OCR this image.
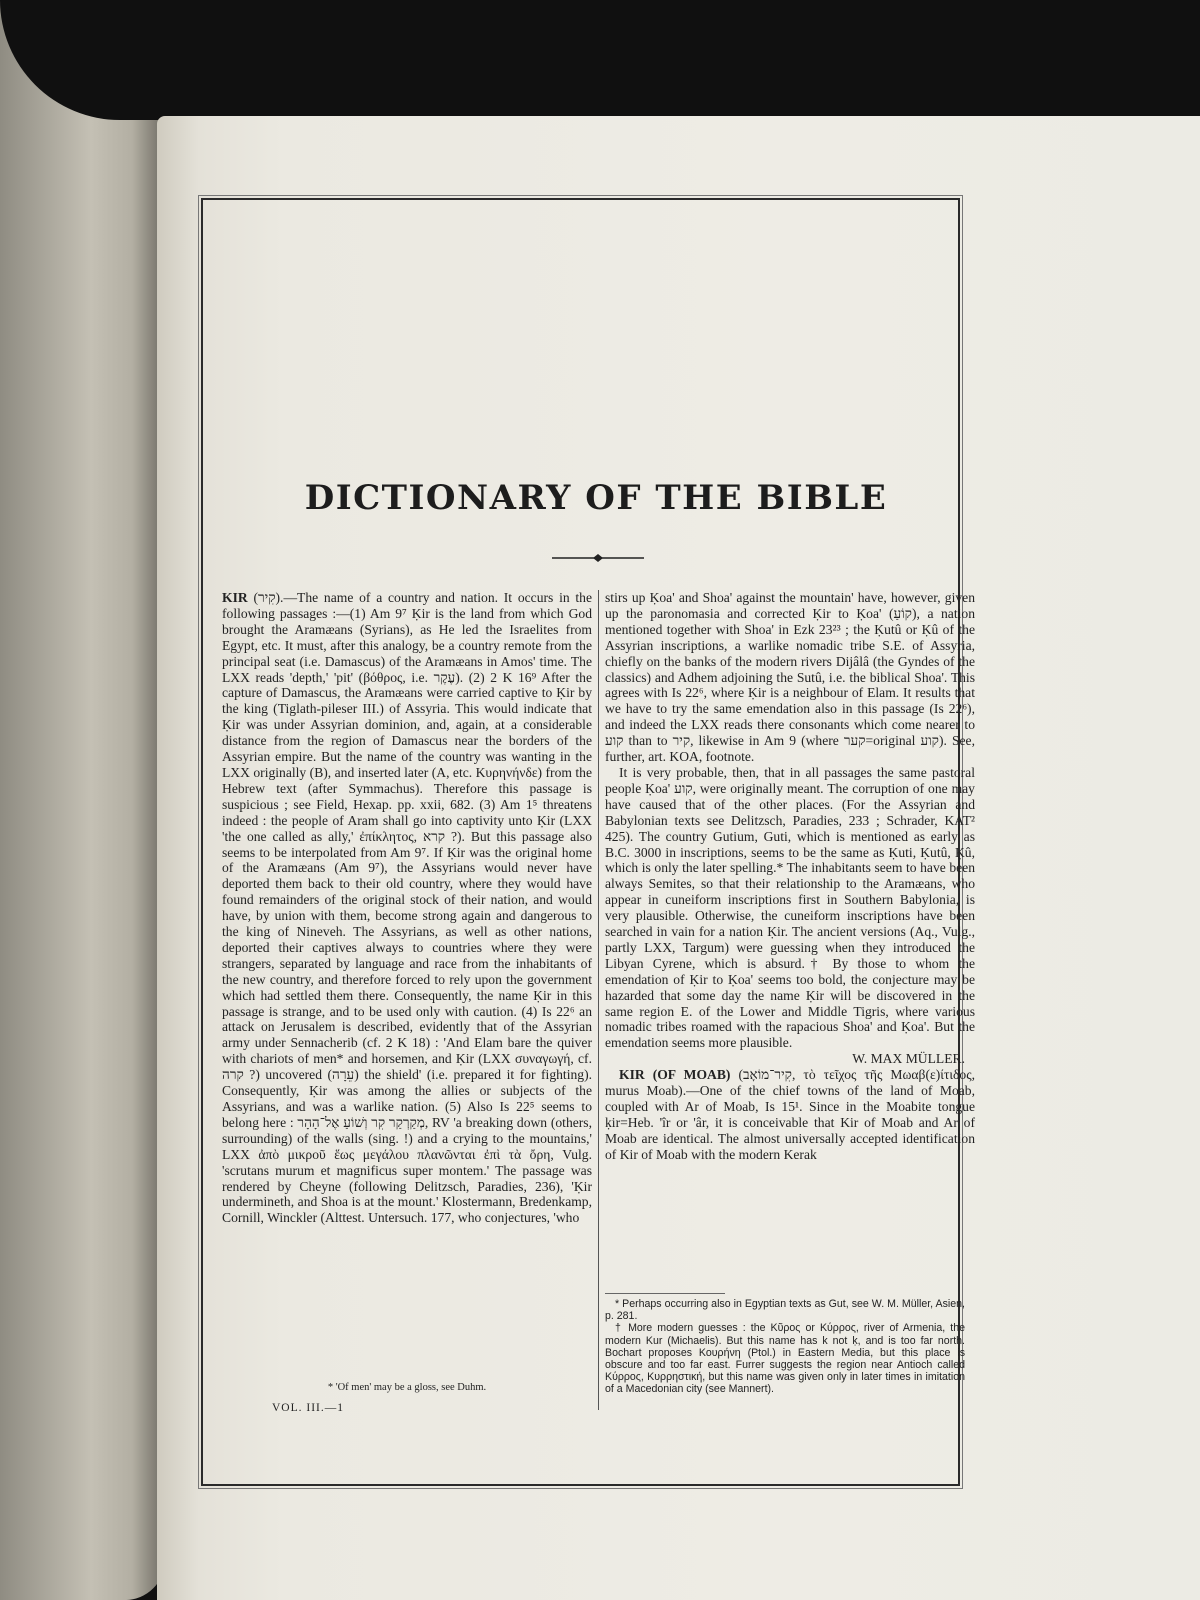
DICTIONARY OF THE BIBLE

KIR (קִיר).—The name of a country and nation. It occurs in the following passages :—(1) Am 9⁷ Ḳir is the land from which God brought the Aramæans (Syrians), as He led the Israelites from Egypt, etc. It must, after this analogy, be a country remote from the principal seat (i.e. Damascus) of the Aramæans in Amos' time. The LXX reads 'depth,' 'pit' (βόθρος, i.e. עֶקֶר). (2) 2 K 16⁹ After the capture of Damascus, the Aramæans were carried captive to Ḳir by the king (Tiglath-pileser III.) of Assyria. This would indicate that Ḳir was under Assyrian dominion, and, again, at a considerable distance from the region of Damascus near the borders of the Assyrian empire. But the name of the country was wanting in the LXX originally (B), and inserted later (A, etc. Κυρηνήνδε) from the Hebrew text (after Symmachus). Therefore this passage is suspicious ; see Field, Hexap. pp. xxii, 682. (3) Am 1⁵ threatens indeed : the people of Aram shall go into captivity unto Ḳir (LXX 'the one called as ally,' ἐπίκλητος, קרא ?). But this passage also seems to be interpolated from Am 9⁷. If Ḳir was the original home of the Aramæans (Am 9⁷), the Assyrians would never have deported them back to their old country, where they would have found remainders of the original stock of their nation, and would have, by union with them, become strong again and dangerous to the king of Nineveh. The Assyrians, as well as other nations, deported their captives always to countries where they were strangers, separated by language and race from the inhabitants of the new country, and therefore forced to rely upon the government which had settled them there. Consequently, the name Ḳir in this passage is strange, and to be used only with caution. (4) Is 22⁶ an attack on Jerusalem is described, evidently that of the Assyrian army under Sennacherib (cf. 2 K 18) : 'And Elam bare the quiver with chariots of men* and horsemen, and Ḳir (LXX συναγωγή, cf. קרה ?) uncovered (עֵרָה) the shield' (i.e. prepared it for fighting). Consequently, Ḳir was among the allies or subjects of the Assyrians, and was a warlike nation. (5) Also Is 22⁵ seems to belong here : מְקַרְקַר קִר וְשׁוֹעַ אֶל־הָהָר, RV 'a breaking down (others, surrounding) of the walls (sing. !) and a crying to the mountains,' LXX ἀπὸ μικροῦ ἕως μεγάλου πλανῶνται ἐπὶ τὰ ὄρη, Vulg. 'scrutans murum et magnificus super montem.' The passage was rendered by Cheyne (following Delitzsch, Paradies, 236), 'Ḳir undermineth, and Shoa is at the mount.' Klostermann, Bredenkamp, Cornill, Winckler (Alttest. Untersuch. 177, who conjectures, 'who

stirs up Ḳoa' and Shoa' against the mountain' have, however, given up the paronomasia and corrected Ḳir to Ḳoa' (קוֹעַ), a nation mentioned together with Shoa' in Ezk 23²³ ; the Ḳutû or Ḳû of the Assyrian inscriptions, a warlike nomadic tribe S.E. of Assyria, chiefly on the banks of the modern rivers Dijâlâ (the Gyndes of the classics) and Adhem adjoining the Sutû, i.e. the biblical Shoa'. This agrees with Is 22⁶, where Ḳir is a neighbour of Elam. It results that we have to try the same emendation also in this passage (Is 22⁶), and indeed the LXX reads there consonants which come nearer to קוע than to קיר, likewise in Am 9 (where קער=original קוע). See, further, art. KOA, footnote.

It is very probable, then, that in all passages the same pastoral people Ḳoa' קוע, were originally meant. The corruption of one may have caused that of the other places. (For the Assyrian and Babylonian texts see Delitzsch, Paradies, 233 ; Schrader, KAT² 425). The country Gutium, Guti, which is mentioned as early as B.C. 3000 in inscriptions, seems to be the same as Ḳuti, Ḳutû, Ḳû, which is only the later spelling.* The inhabitants seem to have been always Semites, so that their relationship to the Aramæans, who appear in cuneiform inscriptions first in Southern Babylonia, is very plausible. Otherwise, the cuneiform inscriptions have been searched in vain for a nation Ḳir. The ancient versions (Aq., Vulg., partly LXX, Targum) were guessing when they introduced the Libyan Cyrene, which is absurd.† By those to whom the emendation of Ḳir to Ḳoa' seems too bold, the conjecture may be hazarded that some day the name Ḳir will be discovered in the same region E. of the Lower and Middle Tigris, where various nomadic tribes roamed with the rapacious Shoa' and Ḳoa'. But the emendation seems more plausible.

W. MAX MÜLLER.

KIR (OF MOAB) (קִיר־מוֹאָב, τὸ τεῖχος τῆς Μωαβ(ε)ίτιδος, murus Moab).—One of the chief towns of the land of Moab, coupled with Ar of Moab, Is 15¹. Since in the Moabite tongue ḳir=Heb. 'îr or 'âr, it is conceivable that Kir of Moab and Ar of Moab are identical. The almost universally accepted identification of Kir of Moab with the modern Kerak

* 'Of men' may be a gloss, see Duhm.
VOL. III.—1

* Perhaps occurring also in Egyptian texts as Gut, see W. M. Müller, Asien, p. 281.

† More modern guesses : the Κῦρος or Κύρρος, river of Armenia, the modern Kur (Michaelis). But this name has k not ḳ, and is too far north. Bochart proposes Κουρήνη (Ptol.) in Eastern Media, but this place is obscure and too far east. Furrer suggests the region near Antioch called Κύρρος, Κυρρηστική, but this name was given only in later times in imitation of a Macedonian city (see Mannert).
